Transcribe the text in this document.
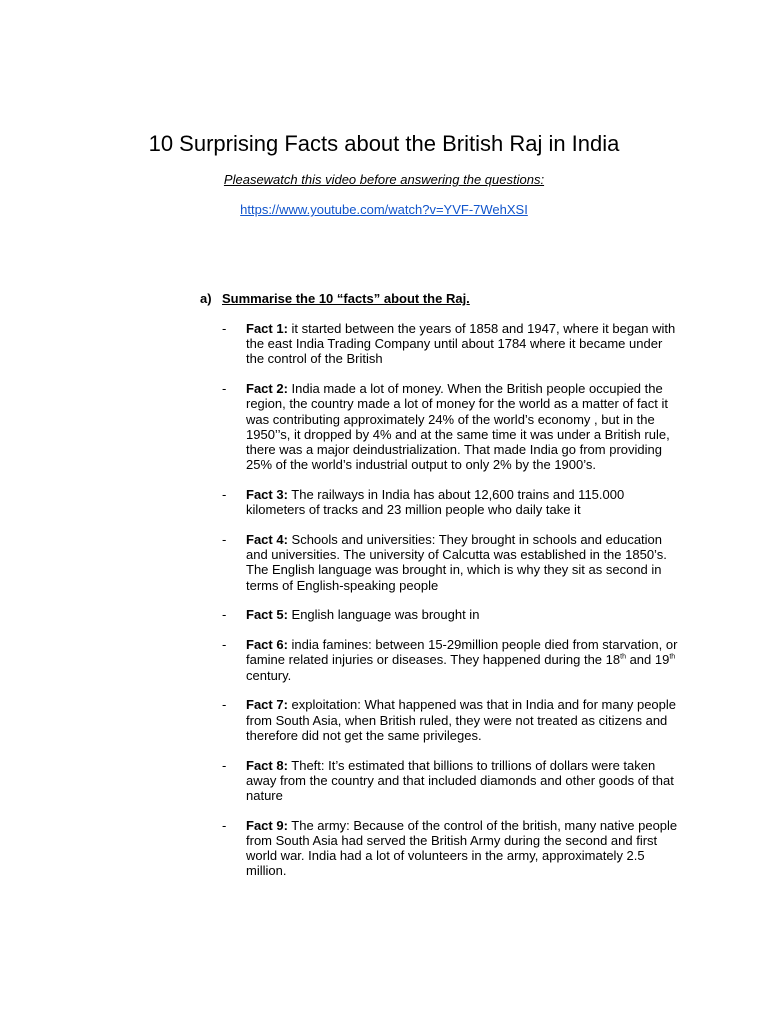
10 Surprising Facts about the British Raj in India
Pleasewatch this video before answering the questions:
https://www.youtube.com/watch?v=YVF-7WehXSI
a) Summarise the 10 “facts” about the Raj.
- Fact 1: it started between the years of 1858 and 1947, where it began with the east India Trading Company until about 1784 where it became under the control of the British
- Fact 2: India made a lot of money. When the British people occupied the region, the country made a lot of money for the world as a matter of fact it was contributing approximately 24% of the world’s economy , but in the 1950’’s, it dropped by 4% and at the same time it was under a British rule, there was a major deindustrialization. That made India go from providing 25% of the world’s industrial output to only 2% by the 1900’s.
- Fact 3: The railways in India has about 12,600 trains and 115.000 kilometers of tracks and 23 million people who daily take it
- Fact 4: Schools and universities: They brought in schools and education and universities. The university of Calcutta was established in the 1850’s. The English language was brought in, which is why they sit as second in terms of English-speaking people
- Fact 5: English language was brought in
- Fact 6: india famines: between 15-29million people died from starvation, or famine related injuries or diseases. They happened during the 18th and 19th century.
- Fact 7: exploitation: What happened was that in India and for many people from South Asia, when British ruled, they were not treated as citizens and therefore did not get the same privileges.
- Fact 8: Theft: It’s estimated that billions to trillions of dollars were taken away from the country and that included diamonds and other goods of that nature
- Fact 9: The army: Because of the control of the british, many native people from South Asia had served the British Army during the second and first world war. India had a lot of volunteers in the army, approximately 2.5 million.
